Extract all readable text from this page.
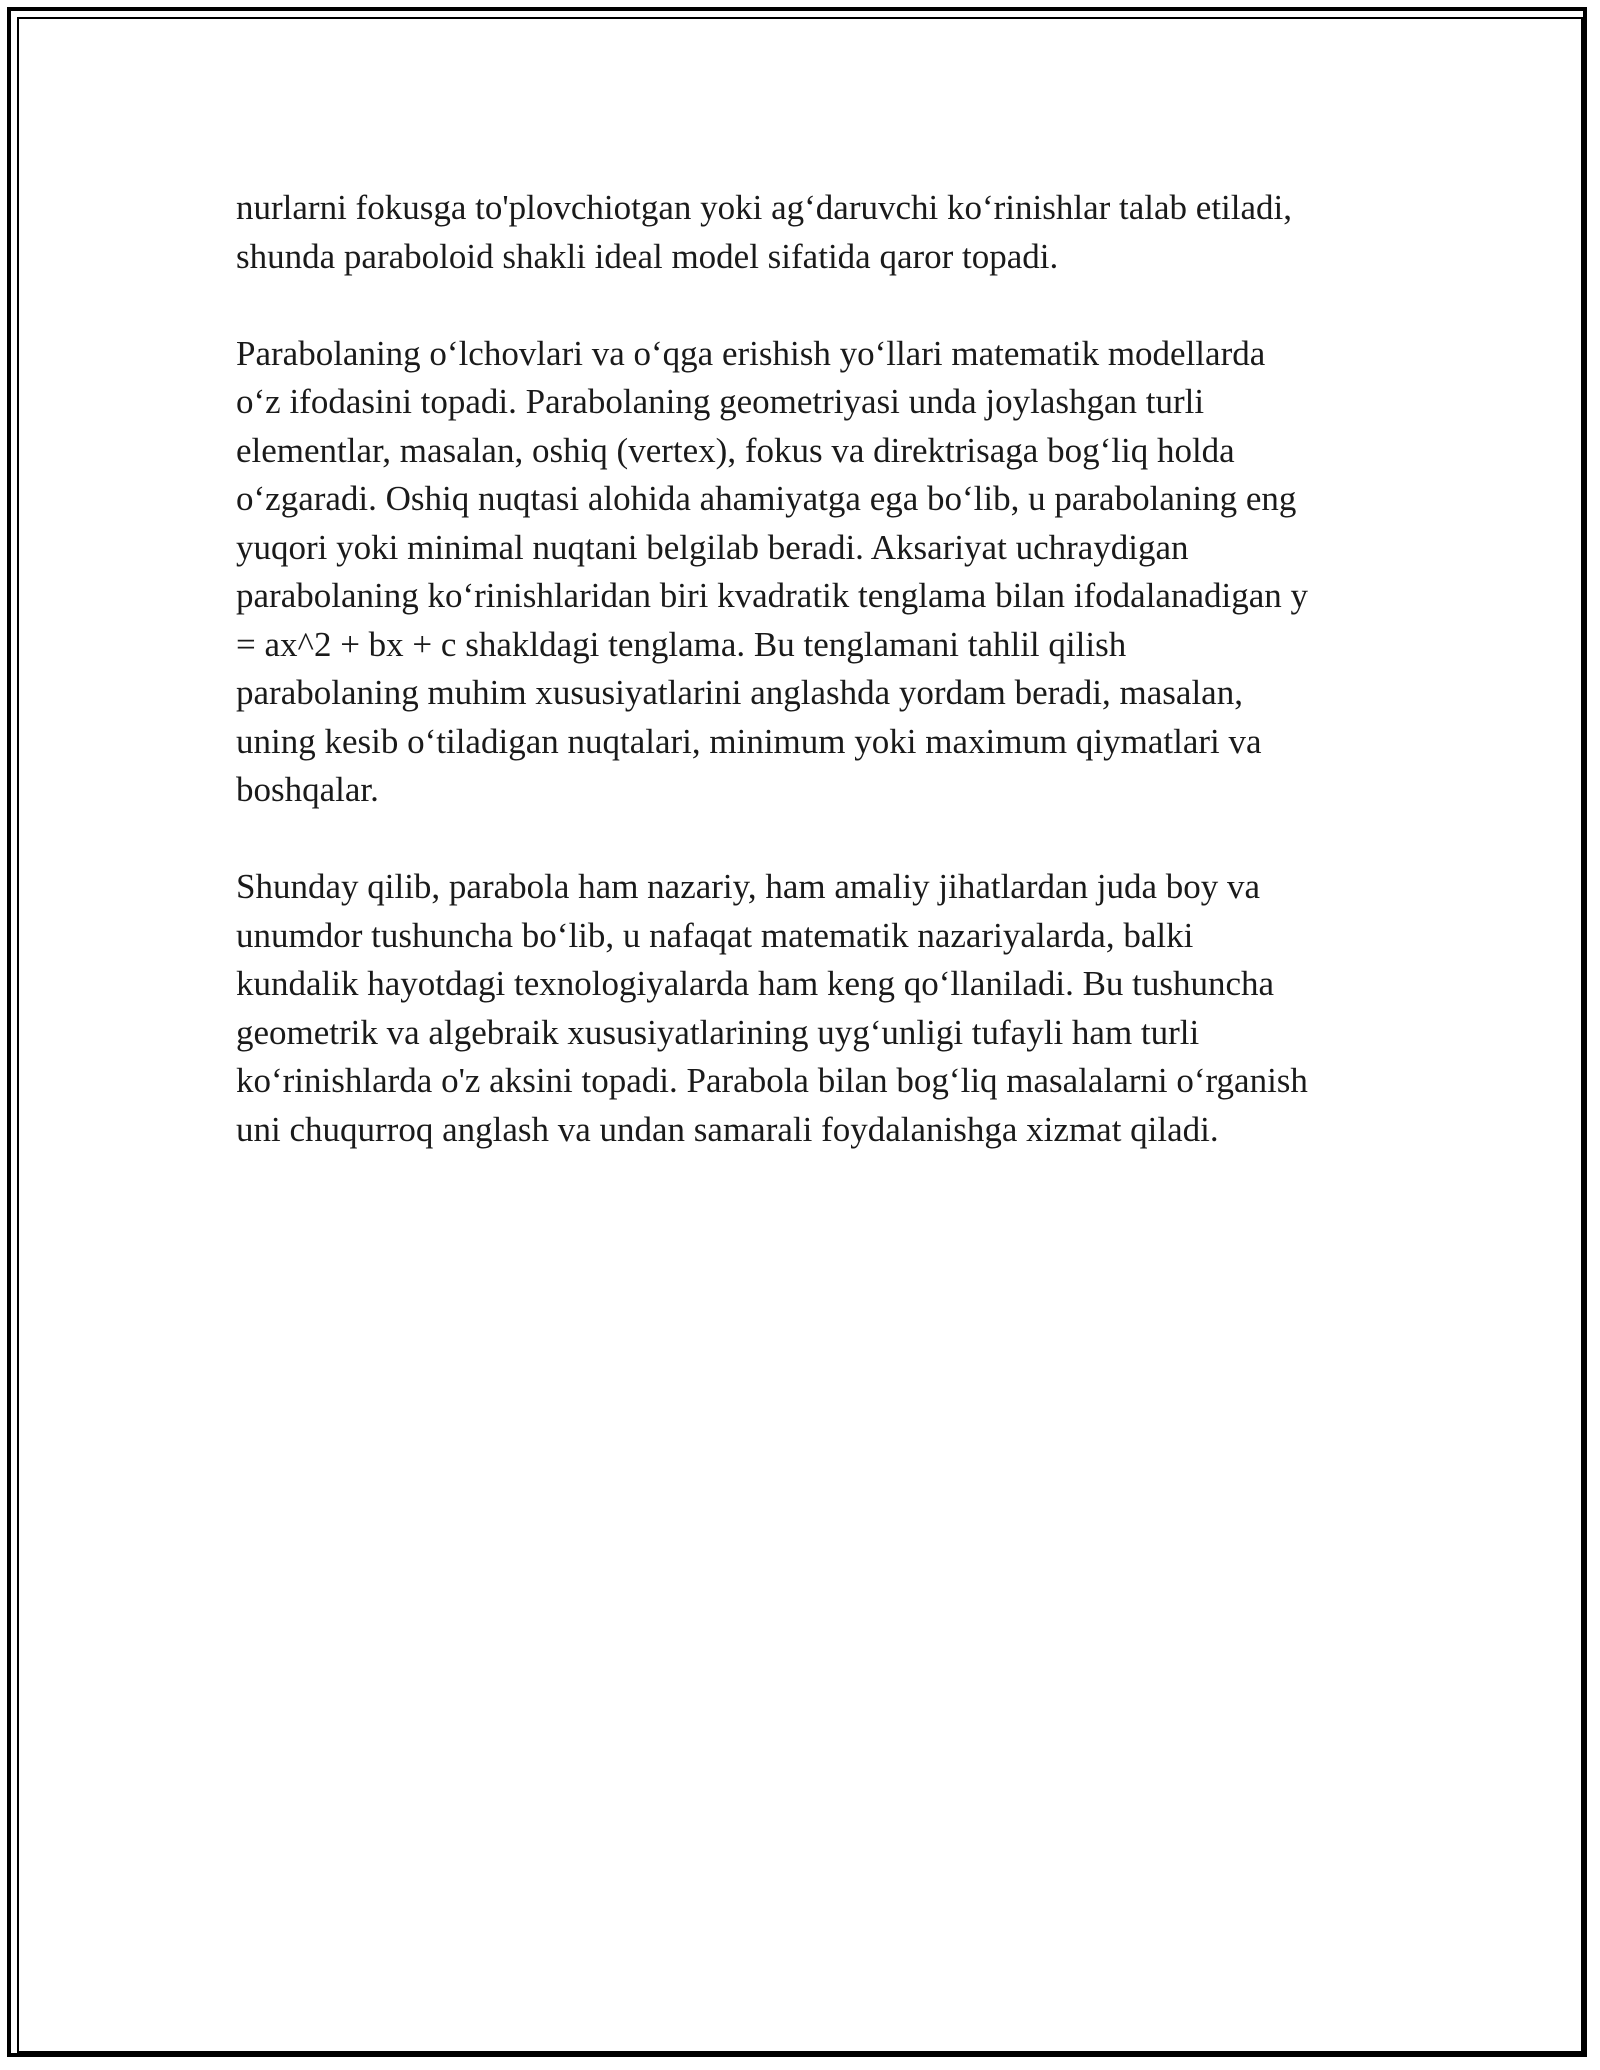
nurlarni fokusga to'plovchiotgan yoki ag‘daruvchi ko‘rinishlar talab etiladi,
shunda paraboloid shakli ideal model sifatida qaror topadi.
Parabolaning o‘lchovlari va o‘qga erishish yo‘llari matematik modellarda
o‘z ifodasini topadi. Parabolaning geometriyasi unda joylashgan turli
elementlar, masalan, oshiq (vertex), fokus va direktrisaga bog‘liq holda
o‘zgaradi. Oshiq nuqtasi alohida ahamiyatga ega bo‘lib, u parabolaning eng
yuqori yoki minimal nuqtani belgilab beradi. Aksariyat uchraydigan
parabolaning ko‘rinishlaridan biri kvadratik tenglama bilan ifodalanadigan y
= ax^2 + bx + c shakldagi tenglama. Bu tenglamani tahlil qilish
parabolaning muhim xususiyatlarini anglashda yordam beradi, masalan,
uning kesib o‘tiladigan nuqtalari, minimum yoki maximum qiymatlari va
boshqalar.
Shunday qilib, parabola ham nazariy, ham amaliy jihatlardan juda boy va
unumdor tushuncha bo‘lib, u nafaqat matematik nazariyalarda, balki
kundalik hayotdagi texnologiyalarda ham keng qo‘llaniladi. Bu tushuncha
geometrik va algebraik xususiyatlarining uyg‘unligi tufayli ham turli
ko‘rinishlarda o'z aksini topadi. Parabola bilan bog‘liq masalalarni o‘rganish
uni chuqurroq anglash va undan samarali foydalanishga xizmat qiladi.
